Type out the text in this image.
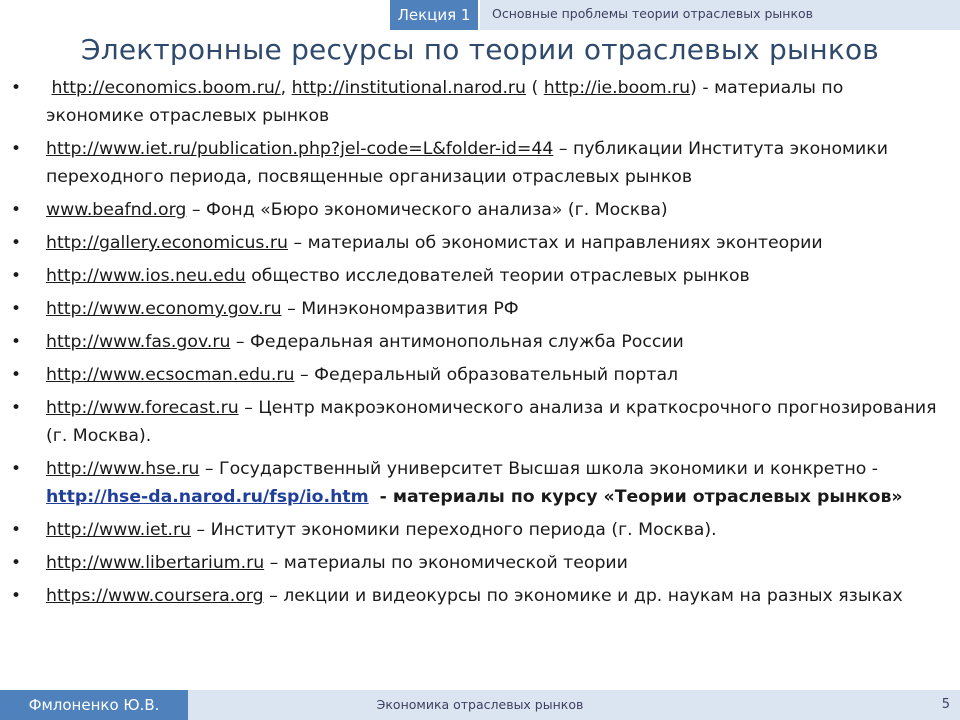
Лекция 1	Основные проблемы теории отраслевых рынков
Электронные ресурсы по теории отраслевых рынков
• http://economics.boom.ru/, http://institutional.narod.ru ( http://ie.boom.ru) - материалы по экономике отраслевых рынков
• http://www.iet.ru/publication.php?jel-code=L&folder-id=44 – публикации Института экономики переходного периода, посвященные организации отраслевых рынков
• www.beafnd.org – Фонд «Бюро экономического анализа» (г. Москва)
• http://gallery.economicus.ru – материалы об экономистах и направлениях эконтеории
• http://www.ios.neu.edu общество исследователей теории отраслевых рынков
• http://www.economy.gov.ru – Минэкономразвития РФ
• http://www.fas.gov.ru – Федеральная антимонопольная служба России
• http://www.ecsocman.edu.ru – Федеральный образовательный портал
• http://www.forecast.ru – Центр макроэкономического анализа и краткосрочного прогнозирования (г. Москва).
• http://www.hse.ru – Государственный университет Высшая школа экономики и конкретно - http://hse-da.narod.ru/fsp/io.htm - материалы по курсу «Теории отраслевых рынков»
• http://www.iet.ru – Институт экономики переходного периода (г. Москва).
• http://www.libertarium.ru – материалы по экономической теории
• https://www.coursera.org – лекции и видеокурсы по экономике и др. наукам на разных языках
Фмлоненко Ю.В.	Экономика отраслевых рынков	5
